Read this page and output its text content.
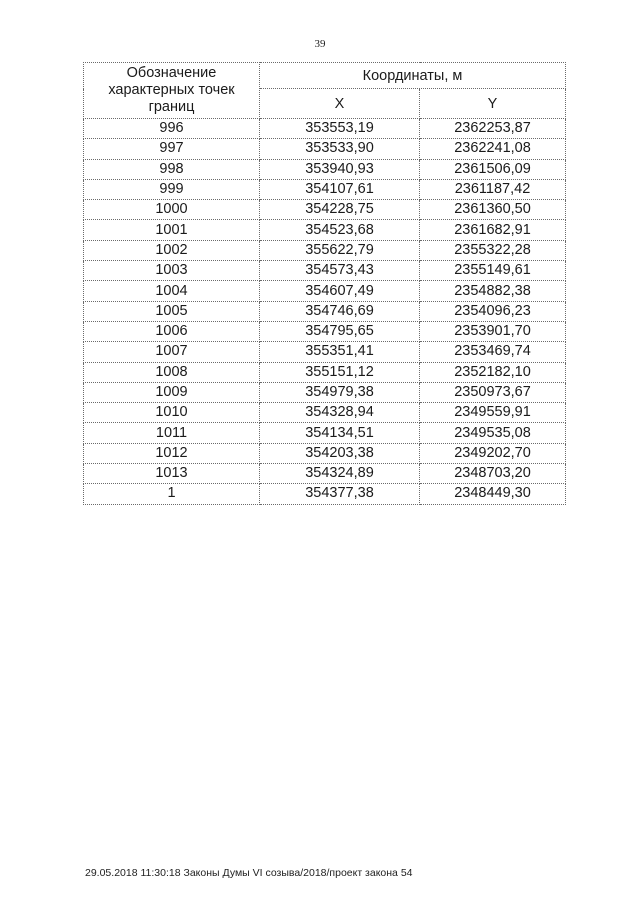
39
Обозначение характерных точек границ	Координаты, м	
	X	Y
996	353553,19	2362253,87
997	353533,90	2362241,08
998	353940,93	2361506,09
999	354107,61	2361187,42
1000	354228,75	2361360,50
1001	354523,68	2361682,91
1002	355622,79	2355322,28
1003	354573,43	2355149,61
1004	354607,49	2354882,38
1005	354746,69	2354096,23
1006	354795,65	2353901,70
1007	355351,41	2353469,74
1008	355151,12	2352182,10
1009	354979,38	2350973,67
1010	354328,94	2349559,91
1011	354134,51	2349535,08
1012	354203,38	2349202,70
1013	354324,89	2348703,20
1	354377,38	2348449,30
29.05.2018 11:30:18 Законы Думы VI созыва/2018/проект закона 54
